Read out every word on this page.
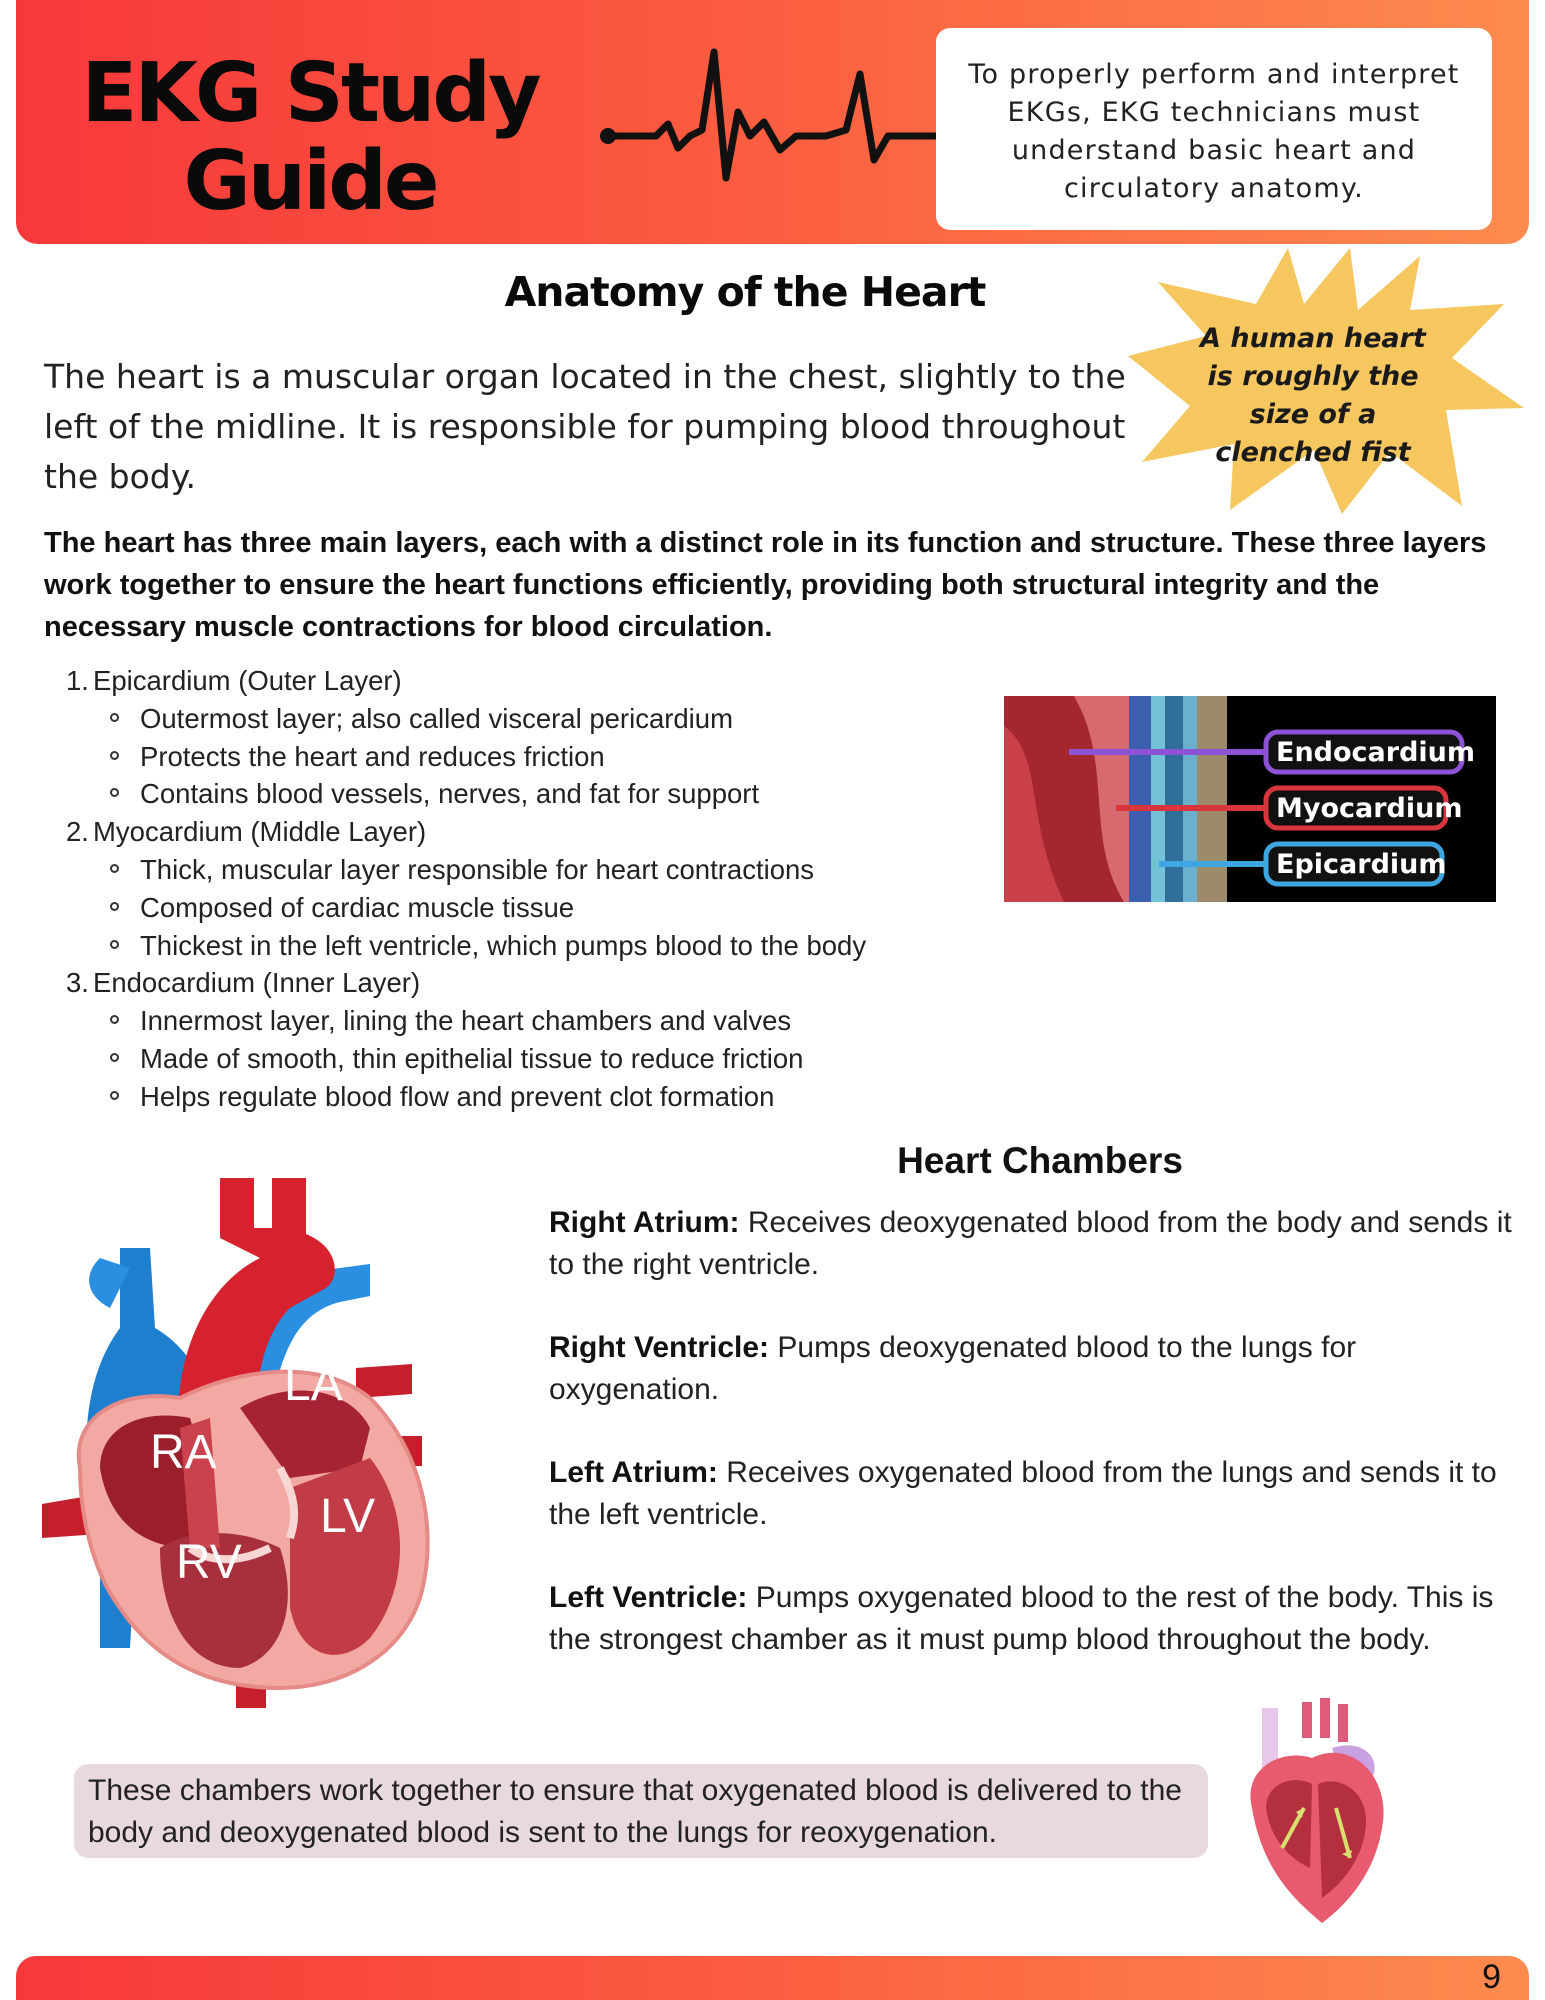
EKG Study
Guide
To properly perform and interpret EKGs, EKG technicians must understand basic heart and circulatory anatomy.
Anatomy of the Heart
A human heart is roughly the size of a clenched fist
The heart is a muscular organ located in the chest, slightly to the left of the midline. It is responsible for pumping blood throughout the body.
The heart has three main layers, each with a distinct role in its function and structure. These three layers work together to ensure the heart functions efficiently, providing both structural integrity and the necessary muscle contractions for blood circulation.
1. Epicardium (Outer Layer)
Outermost layer; also called visceral pericardium
Protects the heart and reduces friction
Contains blood vessels, nerves, and fat for support
2. Myocardium (Middle Layer)
Thick, muscular layer responsible for heart contractions
Composed of cardiac muscle tissue
Thickest in the left ventricle, which pumps blood to the body
3. Endocardium (Inner Layer)
Innermost layer, lining the heart chambers and valves
Made of smooth, thin epithelial tissue to reduce friction
Helps regulate blood flow and prevent clot formation
Endocardium
Myocardium
Epicardium
RA
LA
RV
LV
Heart Chambers
Right Atrium: Receives deoxygenated blood from the body and sends it to the right ventricle.
Right Ventricle: Pumps deoxygenated blood to the lungs for oxygenation.
Left Atrium: Receives oxygenated blood from the lungs and sends it to the left ventricle.
Left Ventricle: Pumps oxygenated blood to the rest of the body. This is the strongest chamber as it must pump blood throughout the body.
These chambers work together to ensure that oxygenated blood is delivered to the body and deoxygenated blood is sent to the lungs for reoxygenation.
9
